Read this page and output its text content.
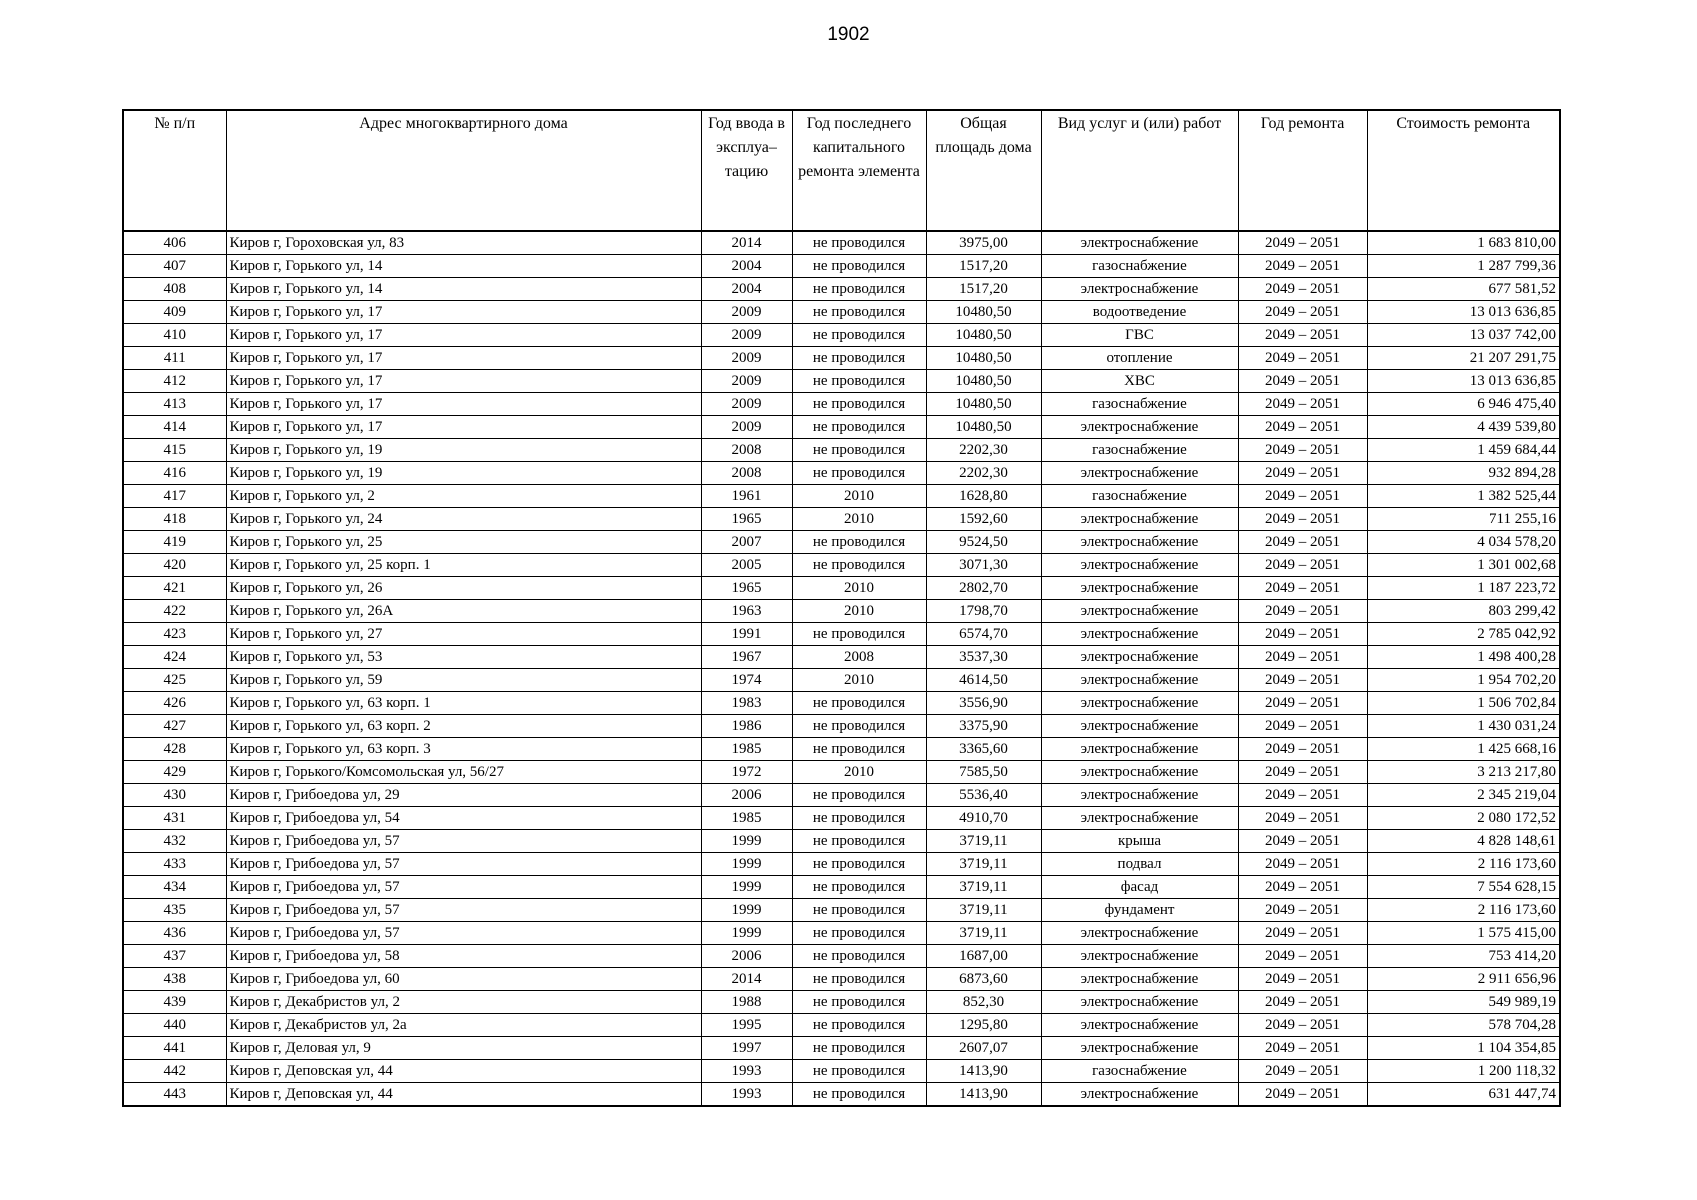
1902
№ п/п	Адрес многоквартирного дома	Год ввода в эксплуа–тацию	Год последнего капитального ремонта элемента	Общая площадь дома	Вид услуг и (или) работ	Год ремонта	Стоимость ремонта
406	Киров г, Гороховская ул, 83	2014	не проводился	3975,00	электроснабжение	2049 – 2051	1 683 810,00
407	Киров г, Горького ул, 14	2004	не проводился	1517,20	газоснабжение	2049 – 2051	1 287 799,36
408	Киров г, Горького ул, 14	2004	не проводился	1517,20	электроснабжение	2049 – 2051	677 581,52
409	Киров г, Горького ул, 17	2009	не проводился	10480,50	водоотведение	2049 – 2051	13 013 636,85
410	Киров г, Горького ул, 17	2009	не проводился	10480,50	ГВС	2049 – 2051	13 037 742,00
411	Киров г, Горького ул, 17	2009	не проводился	10480,50	отопление	2049 – 2051	21 207 291,75
412	Киров г, Горького ул, 17	2009	не проводился	10480,50	ХВС	2049 – 2051	13 013 636,85
413	Киров г, Горького ул, 17	2009	не проводился	10480,50	газоснабжение	2049 – 2051	6 946 475,40
414	Киров г, Горького ул, 17	2009	не проводился	10480,50	электроснабжение	2049 – 2051	4 439 539,80
415	Киров г, Горького ул, 19	2008	не проводился	2202,30	газоснабжение	2049 – 2051	1 459 684,44
416	Киров г, Горького ул, 19	2008	не проводился	2202,30	электроснабжение	2049 – 2051	932 894,28
417	Киров г, Горького ул, 2	1961	2010	1628,80	газоснабжение	2049 – 2051	1 382 525,44
418	Киров г, Горького ул, 24	1965	2010	1592,60	электроснабжение	2049 – 2051	711 255,16
419	Киров г, Горького ул, 25	2007	не проводился	9524,50	электроснабжение	2049 – 2051	4 034 578,20
420	Киров г, Горького ул, 25 корп. 1	2005	не проводился	3071,30	электроснабжение	2049 – 2051	1 301 002,68
421	Киров г, Горького ул, 26	1965	2010	2802,70	электроснабжение	2049 – 2051	1 187 223,72
422	Киров г, Горького ул, 26А	1963	2010	1798,70	электроснабжение	2049 – 2051	803 299,42
423	Киров г, Горького ул, 27	1991	не проводился	6574,70	электроснабжение	2049 – 2051	2 785 042,92
424	Киров г, Горького ул, 53	1967	2008	3537,30	электроснабжение	2049 – 2051	1 498 400,28
425	Киров г, Горького ул, 59	1974	2010	4614,50	электроснабжение	2049 – 2051	1 954 702,20
426	Киров г, Горького ул, 63 корп. 1	1983	не проводился	3556,90	электроснабжение	2049 – 2051	1 506 702,84
427	Киров г, Горького ул, 63 корп. 2	1986	не проводился	3375,90	электроснабжение	2049 – 2051	1 430 031,24
428	Киров г, Горького ул, 63 корп. 3	1985	не проводился	3365,60	электроснабжение	2049 – 2051	1 425 668,16
429	Киров г, Горького/Комсомольская ул, 56/27	1972	2010	7585,50	электроснабжение	2049 – 2051	3 213 217,80
430	Киров г, Грибоедова ул, 29	2006	не проводился	5536,40	электроснабжение	2049 – 2051	2 345 219,04
431	Киров г, Грибоедова ул, 54	1985	не проводился	4910,70	электроснабжение	2049 – 2051	2 080 172,52
432	Киров г, Грибоедова ул, 57	1999	не проводился	3719,11	крыша	2049 – 2051	4 828 148,61
433	Киров г, Грибоедова ул, 57	1999	не проводился	3719,11	подвал	2049 – 2051	2 116 173,60
434	Киров г, Грибоедова ул, 57	1999	не проводился	3719,11	фасад	2049 – 2051	7 554 628,15
435	Киров г, Грибоедова ул, 57	1999	не проводился	3719,11	фундамент	2049 – 2051	2 116 173,60
436	Киров г, Грибоедова ул, 57	1999	не проводился	3719,11	электроснабжение	2049 – 2051	1 575 415,00
437	Киров г, Грибоедова ул, 58	2006	не проводился	1687,00	электроснабжение	2049 – 2051	753 414,20
438	Киров г, Грибоедова ул, 60	2014	не проводился	6873,60	электроснабжение	2049 – 2051	2 911 656,96
439	Киров г, Декабристов ул, 2	1988	не проводился	852,30	электроснабжение	2049 – 2051	549 989,19
440	Киров г, Декабристов ул, 2а	1995	не проводился	1295,80	электроснабжение	2049 – 2051	578 704,28
441	Киров г, Деловая ул, 9	1997	не проводился	2607,07	электроснабжение	2049 – 2051	1 104 354,85
442	Киров г, Деповская ул, 44	1993	не проводился	1413,90	газоснабжение	2049 – 2051	1 200 118,32
443	Киров г, Деповская ул, 44	1993	не проводился	1413,90	электроснабжение	2049 – 2051	631 447,74
